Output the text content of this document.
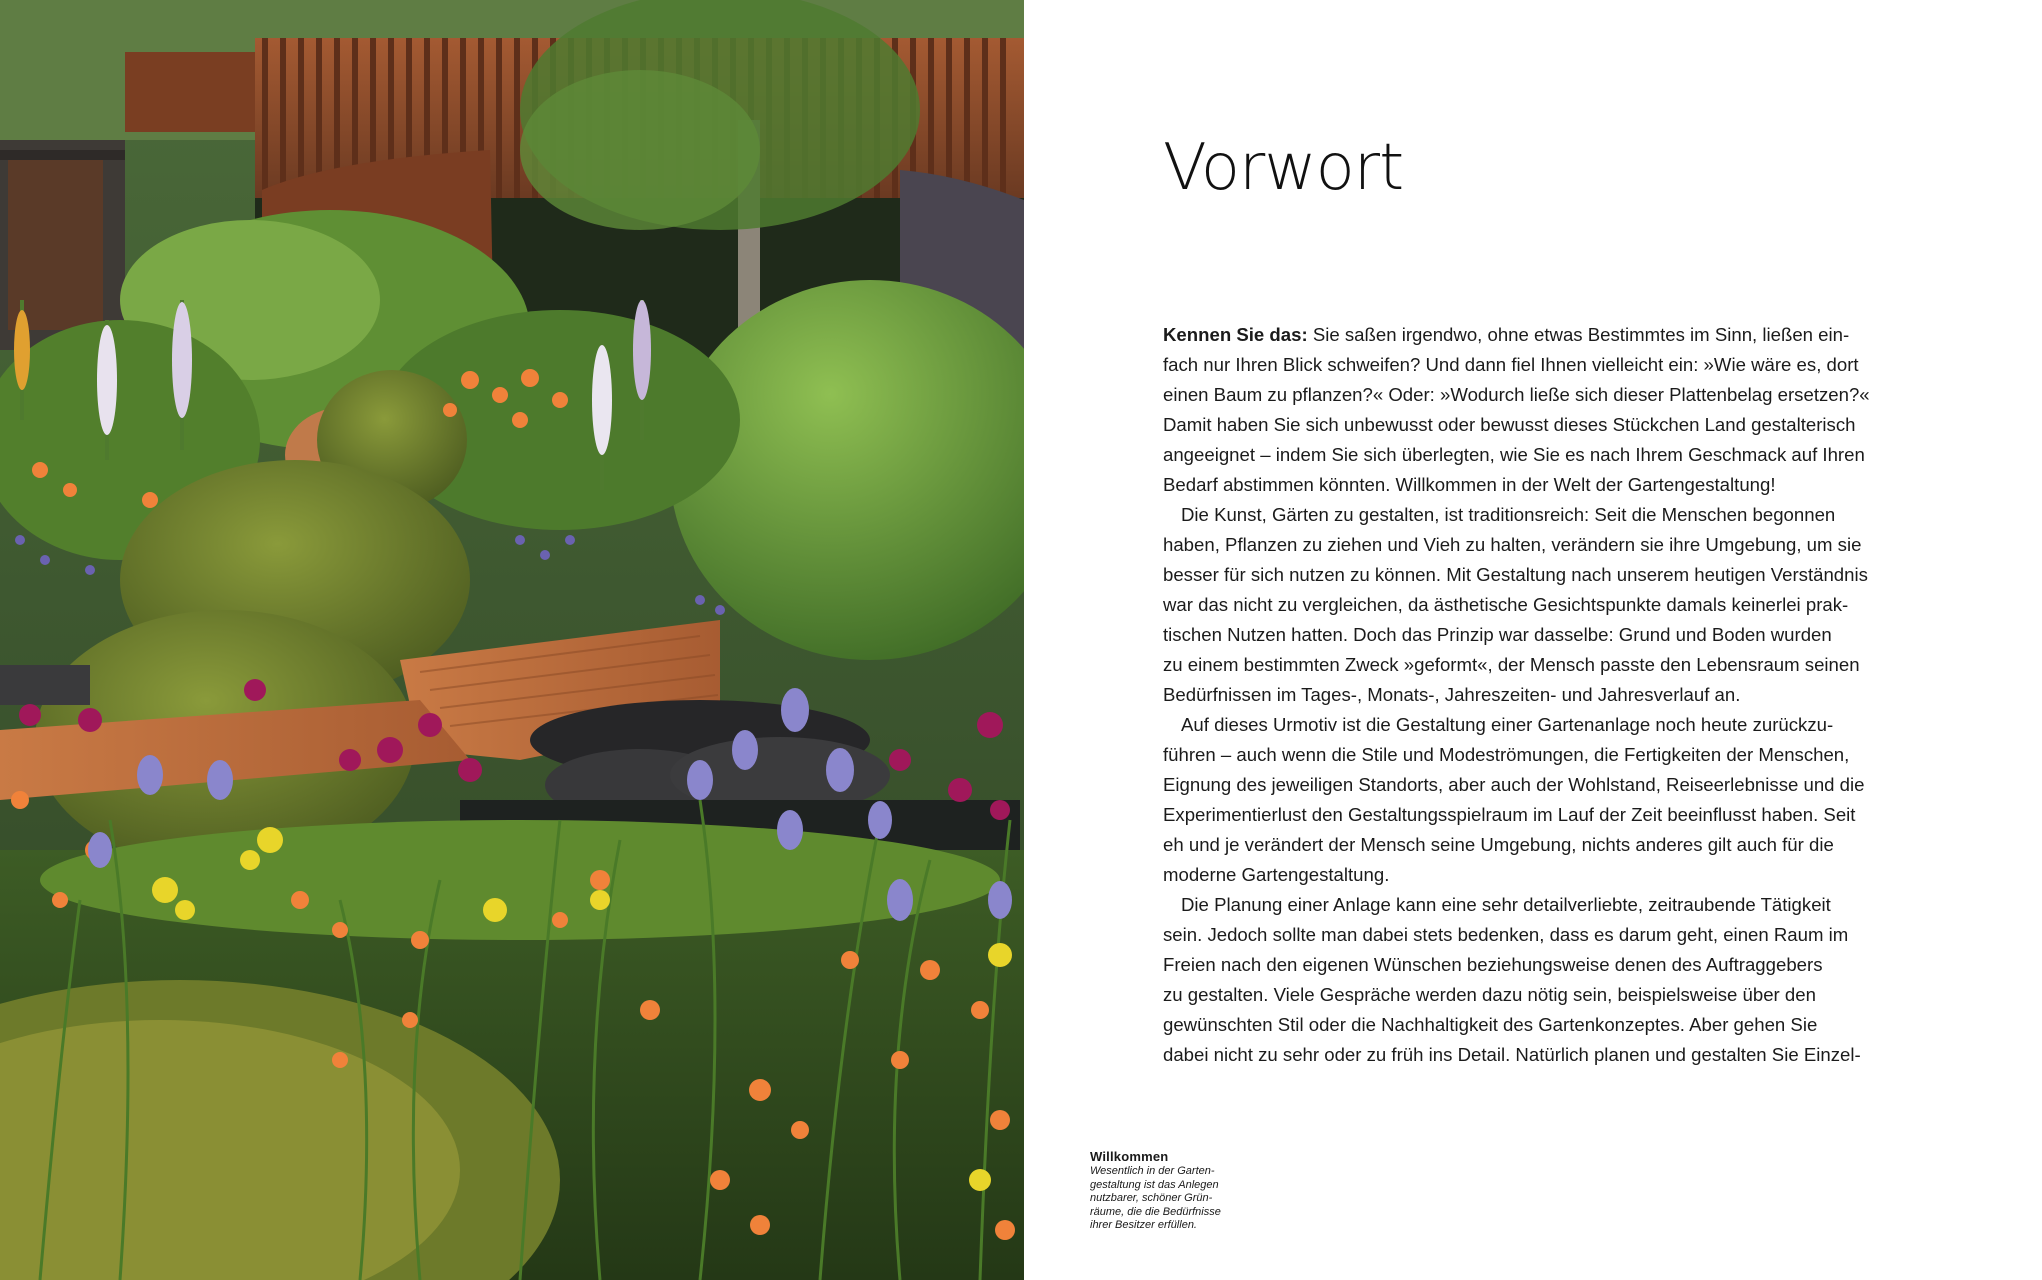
Willkommen

Wesentlich in der Garten-
gestaltung ist das Anlegen
nutzbarer, schöner Grün-
räume, die die Bedürfnisse
ihrer Besitzer erfüllen.

Vorwort

Kennen Sie das: Sie saßen irgendwo, ohne etwas Bestimmtes im Sinn, ließen ein-
fach nur Ihren Blick schweifen? Und dann fiel Ihnen vielleicht ein: »Wie wäre es, dort
einen Baum zu pflanzen?« Oder: »Wodurch ließe sich dieser Plattenbelag ersetzen?«
Damit haben Sie sich unbewusst oder bewusst dieses Stückchen Land gestalterisch
angeeignet – indem Sie sich überlegten, wie Sie es nach Ihrem Geschmack auf Ihren
Bedarf abstimmen könnten. Willkommen in der Welt der Gartengestaltung!

Die Kunst, Gärten zu gestalten, ist traditionsreich: Seit die Menschen begonnen
haben, Pflanzen zu ziehen und Vieh zu halten, verändern sie ihre Umgebung, um sie
besser für sich nutzen zu können. Mit Gestaltung nach unserem heutigen Verständnis
war das nicht zu vergleichen, da ästhetische Gesichtspunkte damals keinerlei prak-
tischen Nutzen hatten. Doch das Prinzip war dasselbe: Grund und Boden wurden
zu einem bestimmten Zweck »geformt«, der Mensch passte den Lebensraum seinen
Bedürfnissen im Tages-, Monats-, Jahreszeiten- und Jahresverlauf an.

Auf dieses Urmotiv ist die Gestaltung einer Gartenanlage noch heute zurückzu-
führen – auch wenn die Stile und Modeströmungen, die Fertigkeiten der Menschen,
Eignung des jeweiligen Standorts, aber auch der Wohlstand, Reiseerlebnisse und die
Experimentierlust den Gestaltungsspielraum im Lauf der Zeit beeinflusst haben. Seit
eh und je verändert der Mensch seine Umgebung, nichts anderes gilt auch für die
moderne Gartengestaltung.

Die Planung einer Anlage kann eine sehr detailverliebte, zeitraubende Tätigkeit
sein. Jedoch sollte man dabei stets bedenken, dass es darum geht, einen Raum im
Freien nach den eigenen Wünschen beziehungsweise denen des Auftraggebers
zu gestalten. Viele Gespräche werden dazu nötig sein, beispielsweise über den
gewünschten Stil oder die Nachhaltigkeit des Gartenkonzeptes. Aber gehen Sie
dabei nicht zu sehr oder zu früh ins Detail. Natürlich planen und gestalten Sie Einzel-
